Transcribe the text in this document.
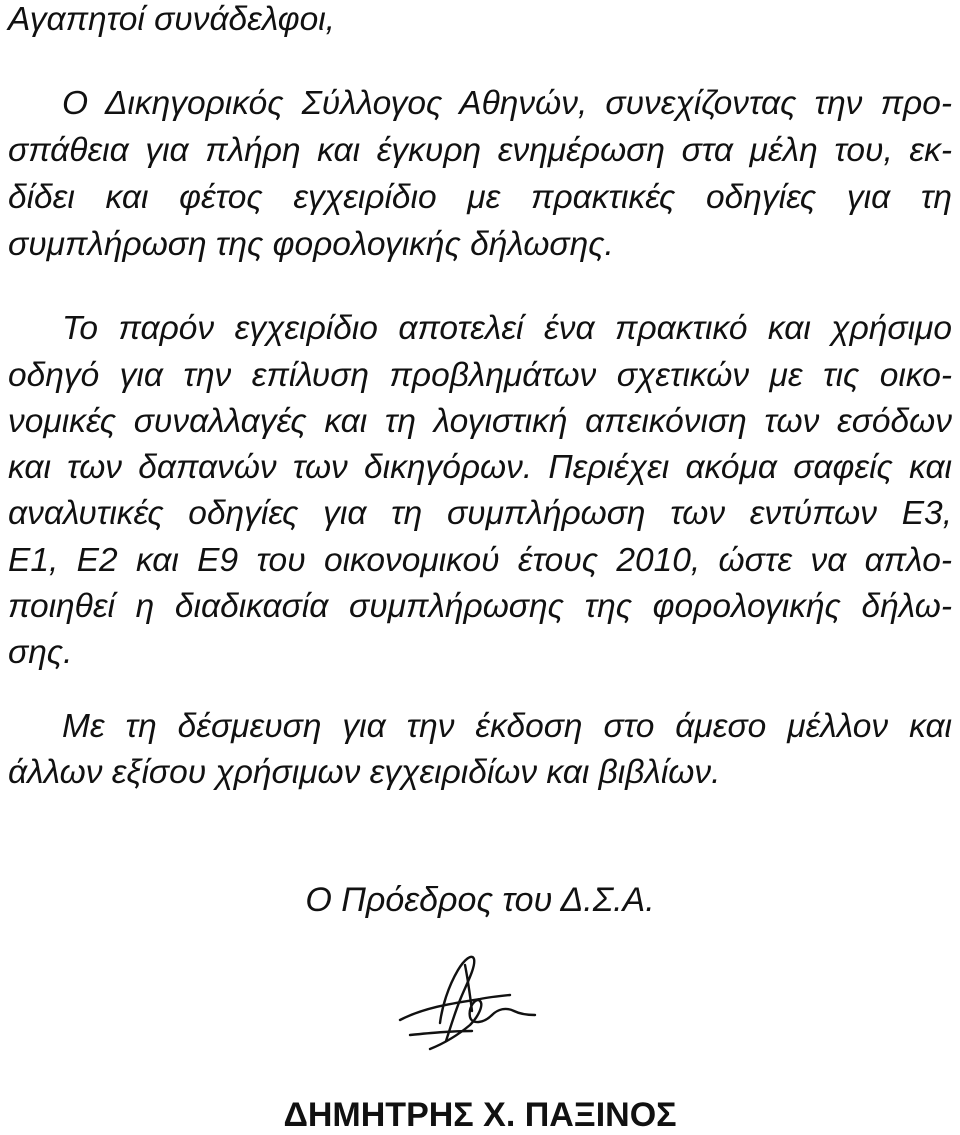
Αγαπητοί συνάδελφοι,
Ο Δικηγορικός Σύλλογος Αθηνών, συνεχίζοντας την προ-
σπάθεια για πλήρη και έγκυρη ενημέρωση στα μέλη του, εκ-
δίδει και φέτος εγχειρίδιο με πρακτικές οδηγίες για τη
συμπλήρωση της φορολογικής δήλωσης.
Το παρόν εγχειρίδιο αποτελεί ένα πρακτικό και χρήσιμο
οδηγό για την επίλυση προβλημάτων σχετικών με τις οικο-
νομικές συναλλαγές και τη λογιστική απεικόνιση των εσόδων
και των δαπανών των δικηγόρων. Περιέχει ακόμα σαφείς και
αναλυτικές οδηγίες για τη συμπλήρωση των εντύπων Ε3,
Ε1, Ε2 και Ε9 του οικονομικού έτους 2010, ώστε να απλο-
ποιηθεί η διαδικασία συμπλήρωσης της φορολογικής δήλω-
σης.
Με τη δέσμευση για την έκδοση στο άμεσο μέλλον και
άλλων εξίσου χρήσιμων εγχειριδίων και βιβλίων.
Ο Πρόεδρος του Δ.Σ.Α.
ΔΗΜΗΤΡΗΣ Χ. ΠΑΞΙΝΟΣ
